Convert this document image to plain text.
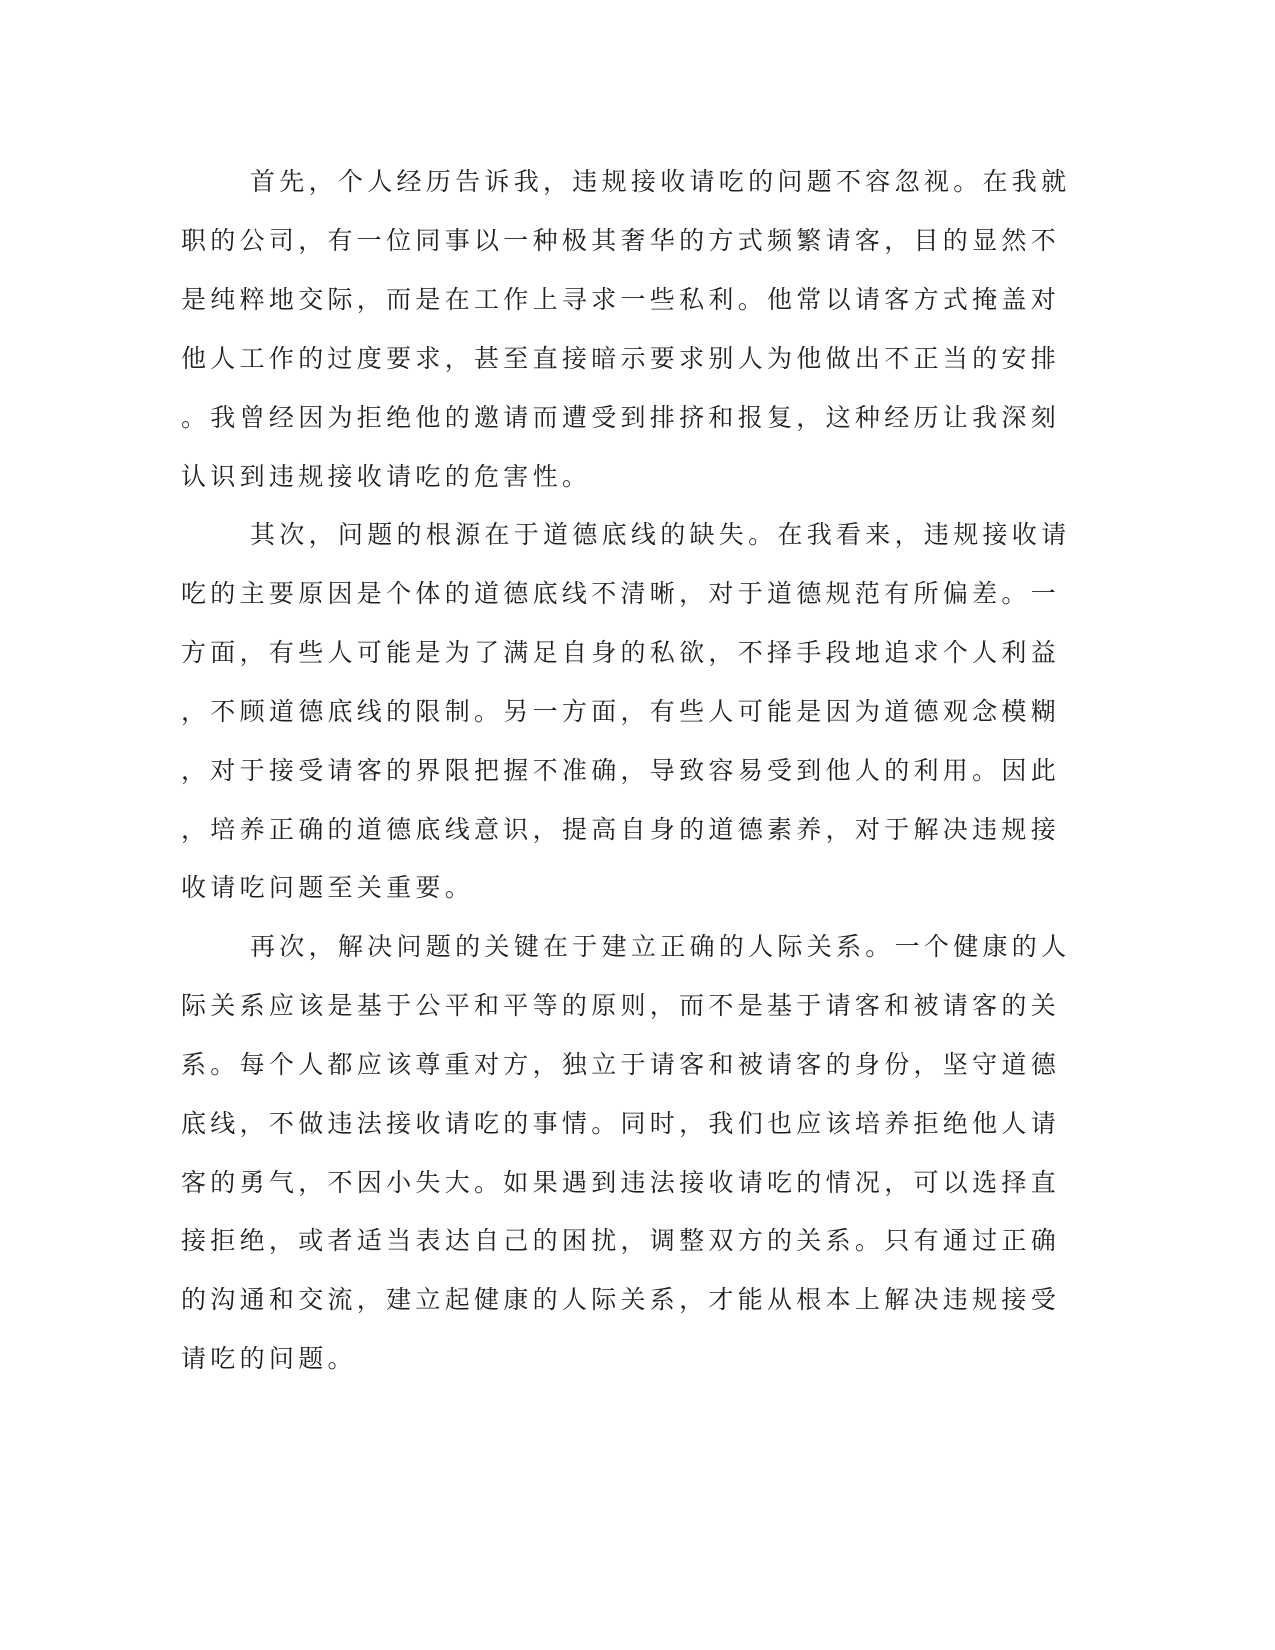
首先，个人经历告诉我，违规接收请吃的问题不容忽视。在我就

职的公司，有一位同事以一种极其奢华的方式频繁请客，目的显然不

是纯粹地交际，而是在工作上寻求一些私利。他常以请客方式掩盖对

他人工作的过度要求，甚至直接暗示要求别人为他做出不正当的安排

。我曾经因为拒绝他的邀请而遭受到排挤和报复，这种经历让我深刻

认识到违规接收请吃的危害性。

其次，问题的根源在于道德底线的缺失。在我看来，违规接收请

吃的主要原因是个体的道德底线不清晰，对于道德规范有所偏差。一

方面，有些人可能是为了满足自身的私欲，不择手段地追求个人利益

，不顾道德底线的限制。另一方面，有些人可能是因为道德观念模糊

，对于接受请客的界限把握不准确，导致容易受到他人的利用。因此

，培养正确的道德底线意识，提高自身的道德素养，对于解决违规接

收请吃问题至关重要。

再次，解决问题的关键在于建立正确的人际关系。一个健康的人

际关系应该是基于公平和平等的原则，而不是基于请客和被请客的关

系。每个人都应该尊重对方，独立于请客和被请客的身份，坚守道德

底线，不做违法接收请吃的事情。同时，我们也应该培养拒绝他人请

客的勇气，不因小失大。如果遇到违法接收请吃的情况，可以选择直

接拒绝，或者适当表达自己的困扰，调整双方的关系。只有通过正确

的沟通和交流，建立起健康的人际关系，才能从根本上解决违规接受

请吃的问题。
